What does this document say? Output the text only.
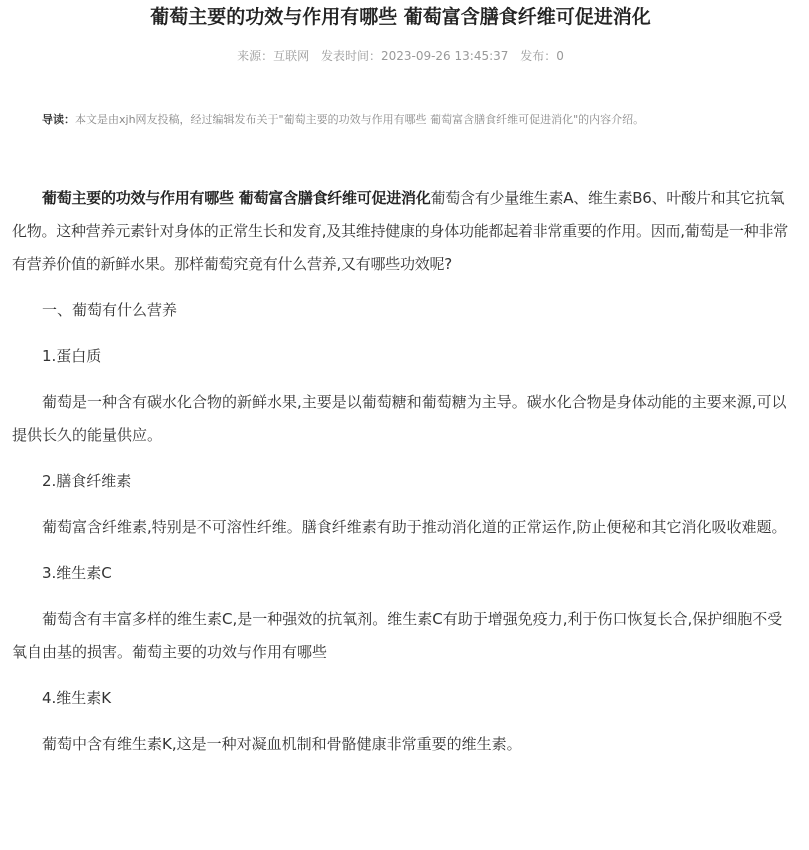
葡萄主要的功效与作用有哪些 葡萄富含膳食纤维可促进消化
来源：互联网 发表时间：2023-09-26 13:45:37 发布：0
导读：本文是由xjh网友投稿，经过编辑发布关于"葡萄主要的功效与作用有哪些 葡萄富含膳食纤维可促进消化"的内容介绍。

葡萄主要的功效与作用有哪些 葡萄富含膳食纤维可促进消化葡萄含有少量维生素A、维生素B6、叶酸片和其它抗氧化物。这种营养元素针对身体的正常生长和发育,及其维持健康的身体功能都起着非常重要的作用。因而,葡萄是一种非常有营养价值的新鲜水果。那样葡萄究竟有什么营养,又有哪些功效呢?

一、葡萄有什么营养

1.蛋白质

葡萄是一种含有碳水化合物的新鲜水果,主要是以葡萄糖和葡萄糖为主导。碳水化合物是身体动能的主要来源,可以提供长久的能量供应。

2.膳食纤维素

葡萄富含纤维素,特别是不可溶性纤维。膳食纤维素有助于推动消化道的正常运作,防止便秘和其它消化吸收难题。

3.维生素C

葡萄含有丰富多样的维生素C,是一种强效的抗氧剂。维生素C有助于增强免疫力,利于伤口恢复长合,保护细胞不受氧自由基的损害。葡萄主要的功效与作用有哪些

4.维生素K

葡萄中含有维生素K,这是一种对凝血机制和骨骼健康非常重要的维生素。
